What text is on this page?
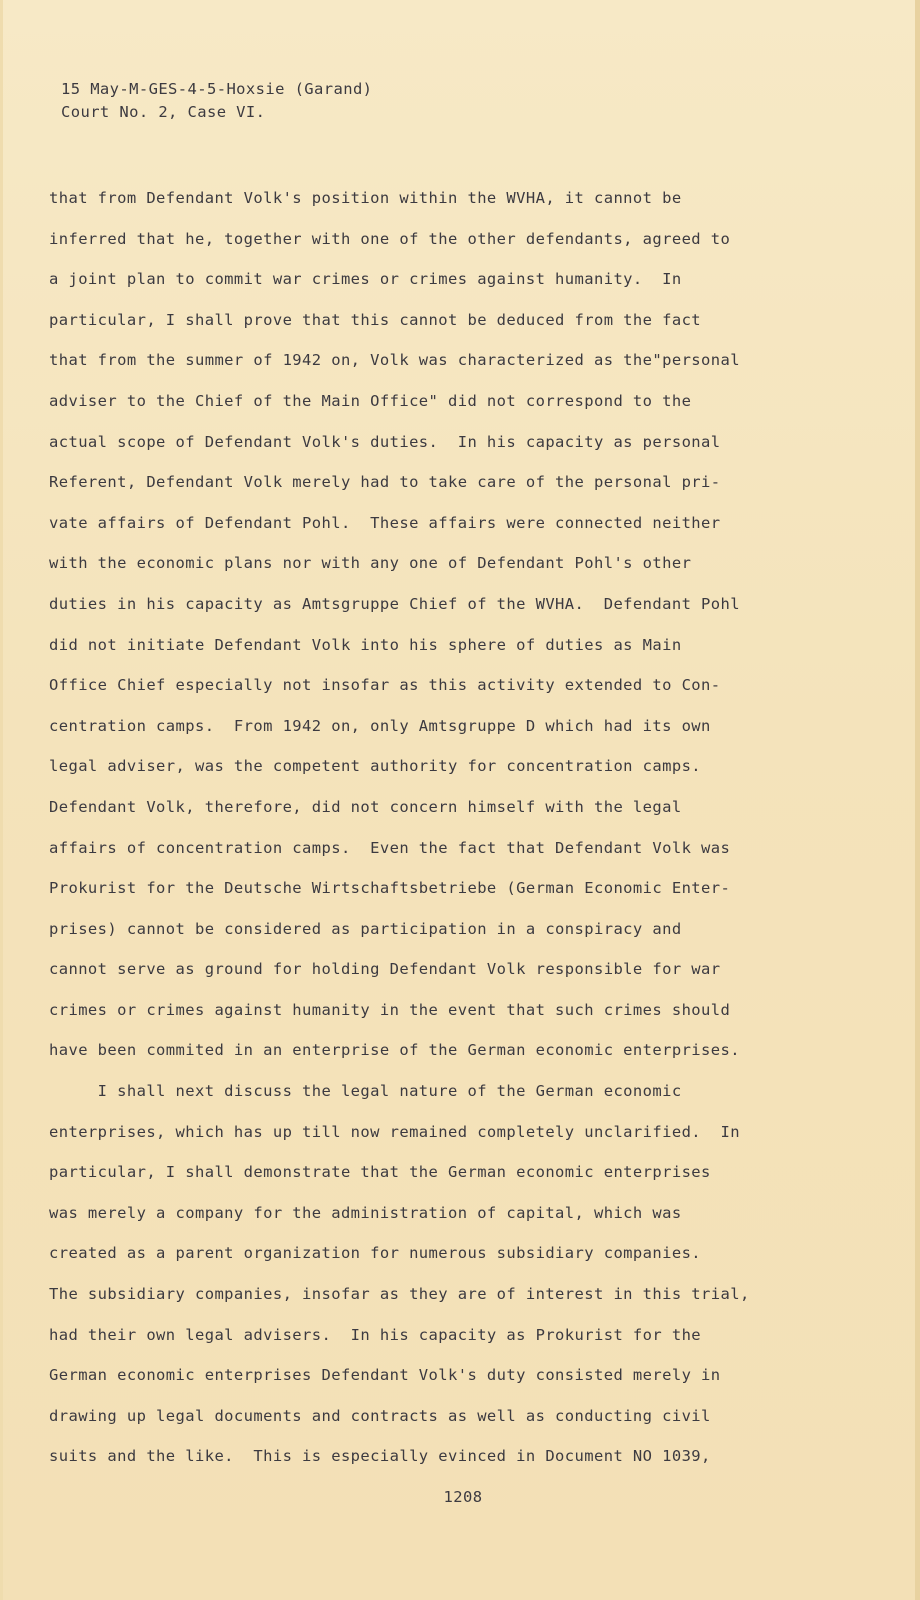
15 May-M-GES-4-5-Hoxsie (Garand)
Court No. 2, Case VI.
that from Defendant Volk's position within the WVHA, it cannot be
inferred that he, together with one of the other defendants, agreed to
a joint plan to commit war crimes or crimes against humanity.  In
particular, I shall prove that this cannot be deduced from the fact
that from the summer of 1942 on, Volk was characterized as the"personal
adviser to the Chief of the Main Office" did not correspond to the
actual scope of Defendant Volk's duties.  In his capacity as personal
Referent, Defendant Volk merely had to take care of the personal pri-
vate affairs of Defendant Pohl.  These affairs were connected neither
with the economic plans nor with any one of Defendant Pohl's other
duties in his capacity as Amtsgruppe Chief of the WVHA.  Defendant Pohl
did not initiate Defendant Volk into his sphere of duties as Main
Office Chief especially not insofar as this activity extended to Con-
centration camps.  From 1942 on, only Amtsgruppe D which had its own
legal adviser, was the competent authority for concentration camps.
Defendant Volk, therefore, did not concern himself with the legal
affairs of concentration camps.  Even the fact that Defendant Volk was
Prokurist for the Deutsche Wirtschaftsbetriebe (German Economic Enter-
prises) cannot be considered as participation in a conspiracy and
cannot serve as ground for holding Defendant Volk responsible for war
crimes or crimes against humanity in the event that such crimes should
have been commited in an enterprise of the German economic enterprises.
I shall next discuss the legal nature of the German economic
enterprises, which has up till now remained completely unclarified.  In
particular, I shall demonstrate that the German economic enterprises
was merely a company for the administration of capital, which was
created as a parent organization for numerous subsidiary companies.
The subsidiary companies, insofar as they are of interest in this trial,
had their own legal advisers.  In his capacity as Prokurist for the
German economic enterprises Defendant Volk's duty consisted merely in
drawing up legal documents and contracts as well as conducting civil
suits and the like.  This is especially evinced in Document NO 1039,
1208
